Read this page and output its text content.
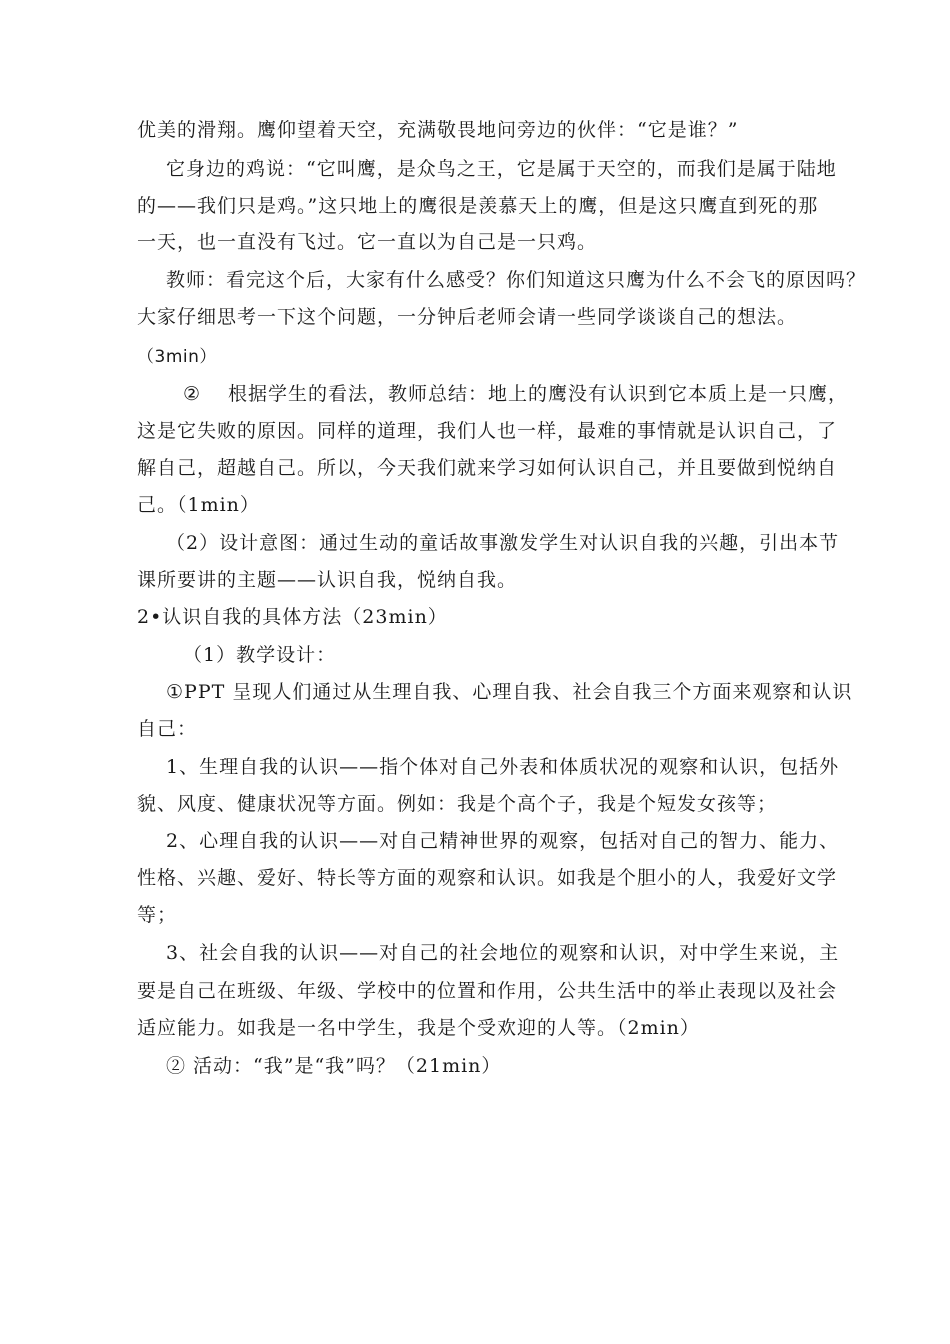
优美的滑翔。鹰仰望着天空，充满敬畏地问旁边的伙伴：“它是谁？”
它身边的鸡说：“它叫鹰，是众鸟之王，它是属于天空的，而我们是属于陆地
的——我们只是鸡。”这只地上的鹰很是羡慕天上的鹰，但是这只鹰直到死的那
一天，也一直没有飞过。它一直以为自己是一只鸡。
教师：看完这个后，大家有什么感受？你们知道这只鹰为什么不会飞的原因吗？
大家仔细思考一下这个问题，一分钟后老师会请一些同学谈谈自己的想法。
（3min）
② 根据学生的看法，教师总结：地上的鹰没有认识到它本质上是一只鹰，
这是它失败的原因。同样的道理，我们人也一样，最难的事情就是认识自己，了
解自己，超越自己。所以，今天我们就来学习如何认识自己，并且要做到悦纳自
己。（1min）
（2）设计意图：通过生动的童话故事激发学生对认识自我的兴趣，引出本节
课所要讲的主题——认识自我，悦纳自我。
2•认识自我的具体方法（23min）
（1）教学设计：
①PPT 呈现人们通过从生理自我、心理自我、社会自我三个方面来观察和认识
自己：
1、生理自我的认识——指个体对自己外表和体质状况的观察和认识，包括外
貌、风度、健康状况等方面。例如：我是个高个子，我是个短发女孩等；
2、心理自我的认识——对自己精神世界的观察，包括对自己的智力、能力、
性格、兴趣、爱好、特长等方面的观察和认识。如我是个胆小的人，我爱好文学
等；
3、社会自我的认识——对自己的社会地位的观察和认识，对中学生来说，主
要是自己在班级、年级、学校中的位置和作用，公共生活中的举止表现以及社会
适应能力。如我是一名中学生，我是个受欢迎的人等。（2min）
② 活动：“我”是“我”吗？（21min）
